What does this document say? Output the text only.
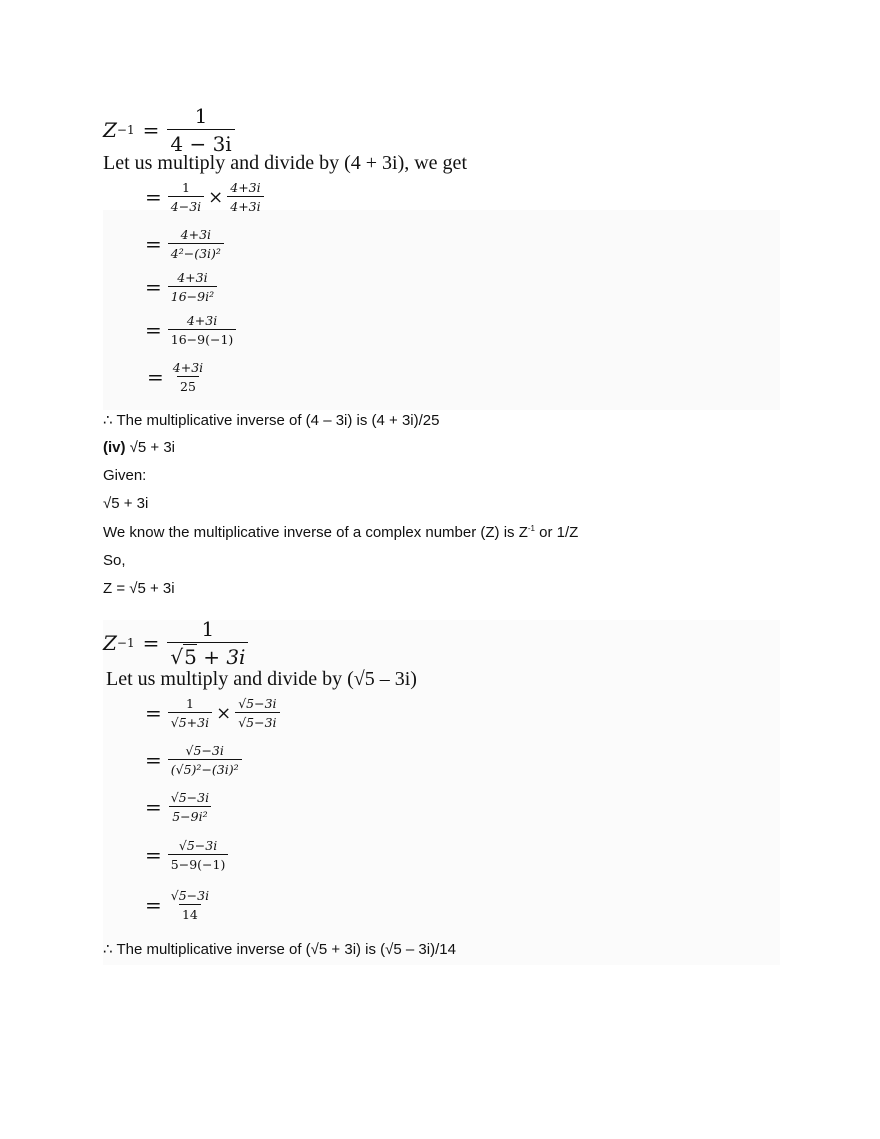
$Z -1 = \frac{1}{4 - 3i}$
Let us multiply and divide by (4 + 3i), we get
= $\frac{1}{4-3i} \times \frac{4+3i}{4+3i}$
= $\frac{4+3i}{\text{4²−(3i)²}}$
= $\frac{4+3i}{\text{16−9i²}}$
= $\frac{4+3i}{16-9(-1)}$
= $\frac{4+3i}{25}$
∴ The multiplicative inverse of (4 – 3i) is (4 + 3i)/25
(iv) √5 + 3i
Given:
√5 + 3i
We know the multiplicative inverse of a complex number (Z) is $Z^{-1}$ or 1/Z
So,
Z = √5 + 3i
$Z -1 = \frac{1}{√5 + 3i}$
Let us multiply and divide by (√5 – 3i)
= $\frac{1}{√5+3i} \times \frac{√5-3i}{√5-3i}$
= $\frac{√5-3i}{\text{(√5)²−(3i)²}}$
= $\frac{√5-3i}{\text{5−9i²}}$
= $\frac{√5-3i}{5-9(-1)}$
= $\frac{√5-3i}{14}$
∴ The multiplicative inverse of (√5 + 3i) is (√5 – 3i)/14
